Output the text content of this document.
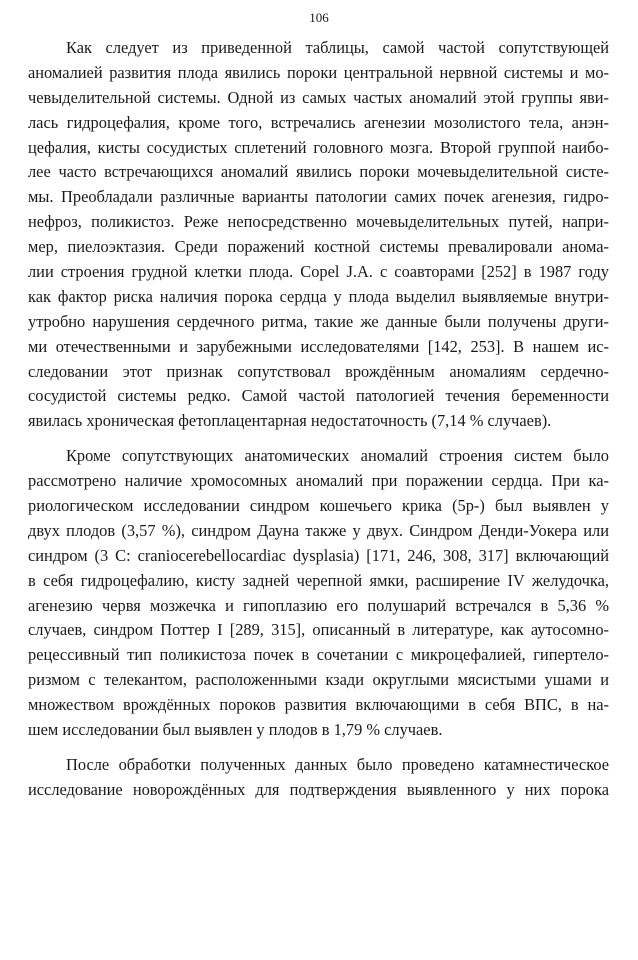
106
Как следует из приведенной таблицы, самой частой сопутствующей
аномалией развития плода явились пороки центральной нервной системы и мо-
чевыделительной системы. Одной из самых частых аномалий этой группы яви-
лась гидроцефалия, кроме того, встречались агенезии мозолистого тела, анэн-
цефалия, кисты сосудистых сплетений головного мозга. Второй группой наибо-
лее часто встречающихся аномалий явились пороки мочевыделительной систе-
мы. Преобладали различные варианты патологии самих почек агенезия, гидро-
нефроз, поликистоз. Реже непосредственно мочевыделительных путей, напри-
мер, пиелоэктазия. Среди поражений костной системы превалировали анома-
лии строения грудной клетки плода. Copel J.A. с соавторами [252] в 1987 году
как фактор риска наличия порока сердца у плода выделил выявляемые внутри-
утробно нарушения сердечного ритма, такие же данные были получены други-
ми отечественными и зарубежными исследователями [142, 253]. В нашем ис-
следовании этот признак сопутствовал врождённым аномалиям сердечно-
сосудистой системы редко. Самой частой патологией течения беременности
явилась хроническая фетоплацентарная недостаточность (7,14 % случаев).
Кроме сопутствующих анатомических аномалий строения систем было
рассмотрено наличие хромосомных аномалий при поражении сердца. При ка-
риологическом исследовании синдром кошечьего крика (5р-) был выявлен у
двух плодов (3,57 %), синдром Дауна также у двух. Синдром Денди-Уокера или
синдром (3 C: craniocerebellocardiac dysplasia) [171, 246, 308, 317] включающий
в себя гидроцефалию, кисту задней черепной ямки, расширение IV желудочка,
агенезию червя мозжечка и гипоплазию его полушарий встречался в 5,36 %
случаев, синдром Поттер I [289, 315], описанный в литературе, как аутосомно-
рецессивный тип поликистоза почек в сочетании с микроцефалией, гипертело-
ризмом с телекантом, расположенными кзади округлыми мясистыми ушами и
множеством врождённых пороков развития включающими в себя ВПС, в на-
шем исследовании был выявлен у плодов в 1,79 % случаев.
После обработки полученных данных было проведено катамнестическое
исследование новорождённых для подтверждения выявленного у них порока
